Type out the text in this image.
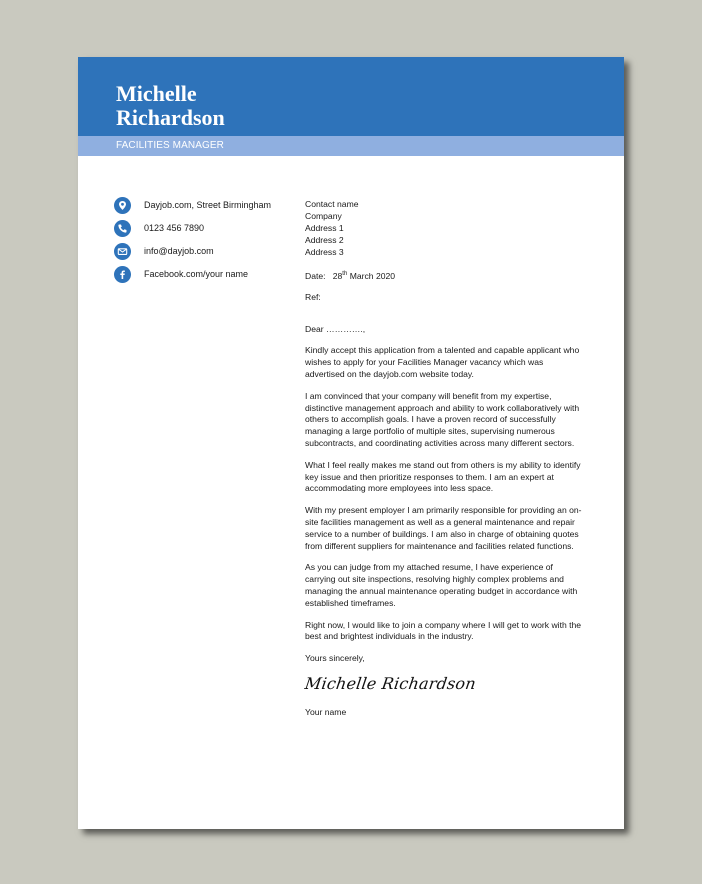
Michelle
Richardson
FACILITIES MANAGER
Dayjob.com, Street Birmingham
0123 456 7890
info@dayjob.com
Facebook.com/your name
Contact name
Company
Address 1
Address 2
Address 3
Date: 28th March 2020
Ref:
Dear ………….,
Kindly accept this application from a talented and capable applicant who wishes to apply for your Facilities Manager vacancy which was advertised on the dayjob.com website today.
I am convinced that your company will benefit from my expertise, distinctive management approach and ability to work collaboratively with others to accomplish goals. I have a proven record of successfully managing a large portfolio of multiple sites, supervising numerous subcontracts, and coordinating activities across many different sectors.
What I feel really makes me stand out from others is my ability to identify key issue and then prioritize responses to them. I am an expert at accommodating more employees into less space.
With my present employer I am primarily responsible for providing an on-site facilities management as well as a general maintenance and repair service to a number of buildings. I am also in charge of obtaining quotes from different suppliers for maintenance and facilities related functions.
As you can judge from my attached resume, I have experience of carrying out site inspections, resolving highly complex problems and managing the annual maintenance operating budget in accordance with established timeframes.
Right now, I would like to join a company where I will get to work with the best and brightest individuals in the industry.
Yours sincerely,
Michelle Richardson
Your name
